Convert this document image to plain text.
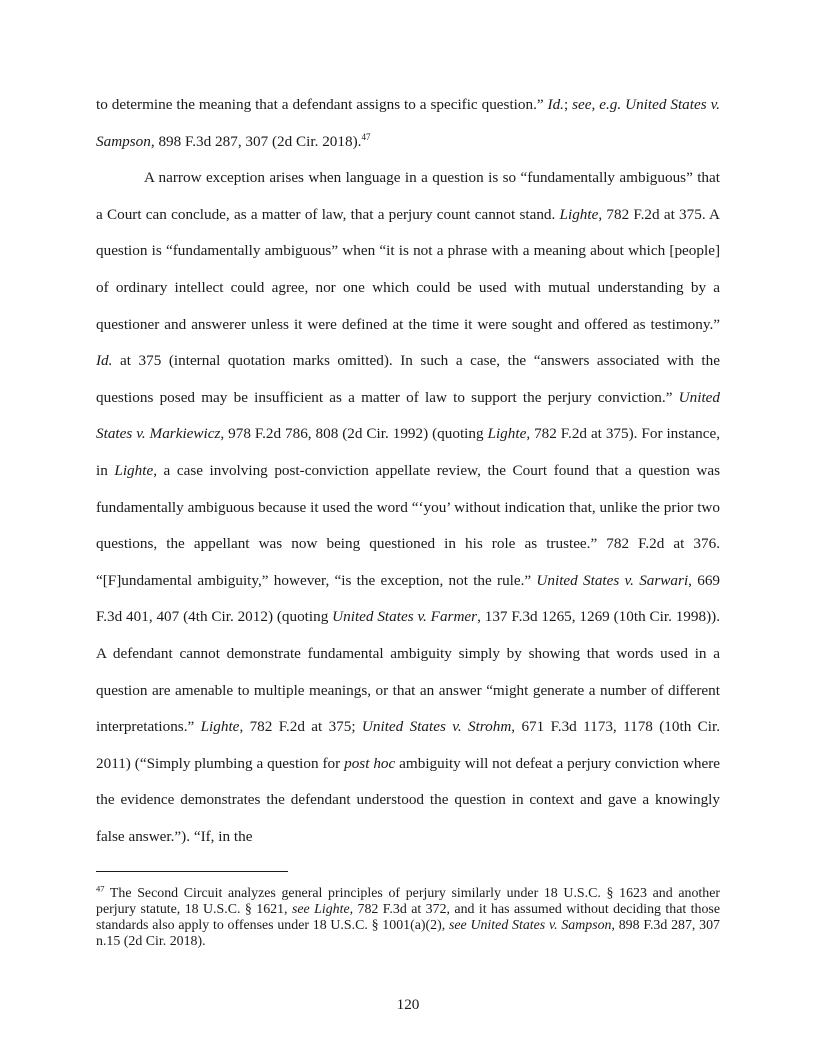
to determine the meaning that a defendant assigns to a specific question.” Id.; see, e.g. United States v. Sampson, 898 F.3d 287, 307 (2d Cir. 2018).$^{47}$

A narrow exception arises when language in a question is so “fundamentally ambiguous” that a Court can conclude, as a matter of law, that a perjury count cannot stand. Lighte, 782 F.2d at 375. A question is “fundamentally ambiguous” when “it is not a phrase with a meaning about which [people] of ordinary intellect could agree, nor one which could be used with mutual understanding by a questioner and answerer unless it were defined at the time it were sought and offered as testimony.” Id. at 375 (internal quotation marks omitted). In such a case, the “answers associated with the questions posed may be insufficient as a matter of law to support the perjury conviction.” United States v. Markiewicz, 978 F.2d 786, 808 (2d Cir. 1992) (quoting Lighte, 782 F.2d at 375). For instance, in Lighte, a case involving post-conviction appellate review, the Court found that a question was fundamentally ambiguous because it used the word “‘you’ without indication that, unlike the prior two questions, the appellant was now being questioned in his role as trustee.” 782 F.2d at 376. “[F]undamental ambiguity,” however, “is the exception, not the rule.” United States v. Sarwari, 669 F.3d 401, 407 (4th Cir. 2012) (quoting United States v. Farmer, 137 F.3d 1265, 1269 (10th Cir. 1998)). A defendant cannot demonstrate fundamental ambiguity simply by showing that words used in a question are amenable to multiple meanings, or that an answer “might generate a number of different interpretations.” Lighte, 782 F.2d at 375; United States v. Strohm, 671 F.3d 1173, 1178 (10th Cir. 2011) (“Simply plumbing a question for post hoc ambiguity will not defeat a perjury conviction where the evidence demonstrates the defendant understood the question in context and gave a knowingly false answer.”). “If, in the

$^{47}$ The Second Circuit analyzes general principles of perjury similarly under 18 U.S.C. § 1623 and another perjury statute, 18 U.S.C. § 1621, see Lighte, 782 F.3d at 372, and it has assumed without deciding that those standards also apply to offenses under 18 U.S.C. § 1001(a)(2), see United States v. Sampson, 898 F.3d 287, 307 n.15 (2d Cir. 2018).

120
